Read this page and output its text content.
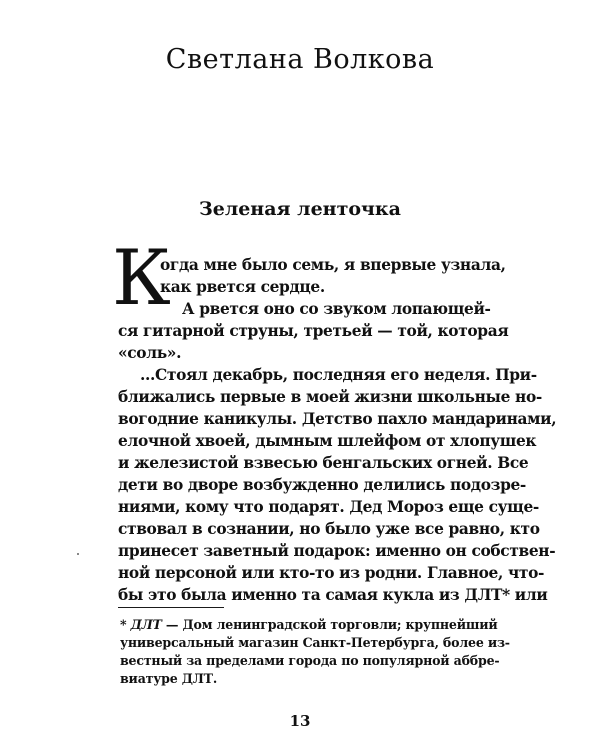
Светлана Волкова
Зеленая ленточка
К
огда мне было семь, я впервые узнала,
как рвется сердце.
А рвется оно со звуком лопающей-
ся гитарной струны, третьей — той, которая
«соль».
...Стоял декабрь, последняя его неделя. При-
ближались первые в моей жизни школьные но-
вогодние каникулы. Детство пахло мандаринами,
елочной хвоей, дымным шлейфом от хлопушек
и железистой взвесью бенгальских огней. Все
дети во дворе возбужденно делились подозре-
ниями, кому что подарят. Дед Мороз еще суще-
ствовал в сознании, но было уже все равно, кто
принесет заветный подарок: именно он собствен-
ной персоной или кто-то из родни. Главное, что-
бы это была именно та самая кукла из ДЛТ* или
* ДЛТ — Дом ленинградской торговли; крупнейший
универсальный магазин Санкт-Петербурга, более из-
вестный за пределами города по популярной аббре-
виатуре ДЛТ.
13
